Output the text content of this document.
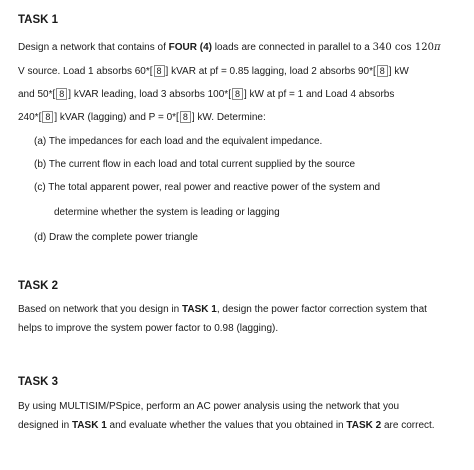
TASK 1
Design a network that contains of FOUR (4) loads are connected in parallel to a 340 cos 120π
V source. Load 1 absorbs 60*[ 8 ] kVAR at pf = 0.85 lagging, load 2 absorbs 90*[ 8 ] kW
and 50*[ 8 ] kVAR leading, load 3 absorbs 100*[ 8 ] kW at pf = 1 and Load 4 absorbs
240*[ 8 ] kVAR (lagging) and P = 0*[ 8 ] kW. Determine:
(a) The impedances for each load and the equivalent impedance.
(b) The current flow in each load and total current supplied by the source
(c) The total apparent power, real power and reactive power of the system and
determine whether the system is leading or lagging
(d) Draw the complete power triangle
TASK 2
Based on network that you design in TASK 1, design the power factor correction system that
helps to improve the system power factor to 0.98 (lagging).
TASK 3
By using MULTISIM/PSpice, perform an AC power analysis using the network that you
designed in TASK 1 and evaluate whether the values that you obtained in TASK 2 are correct.
